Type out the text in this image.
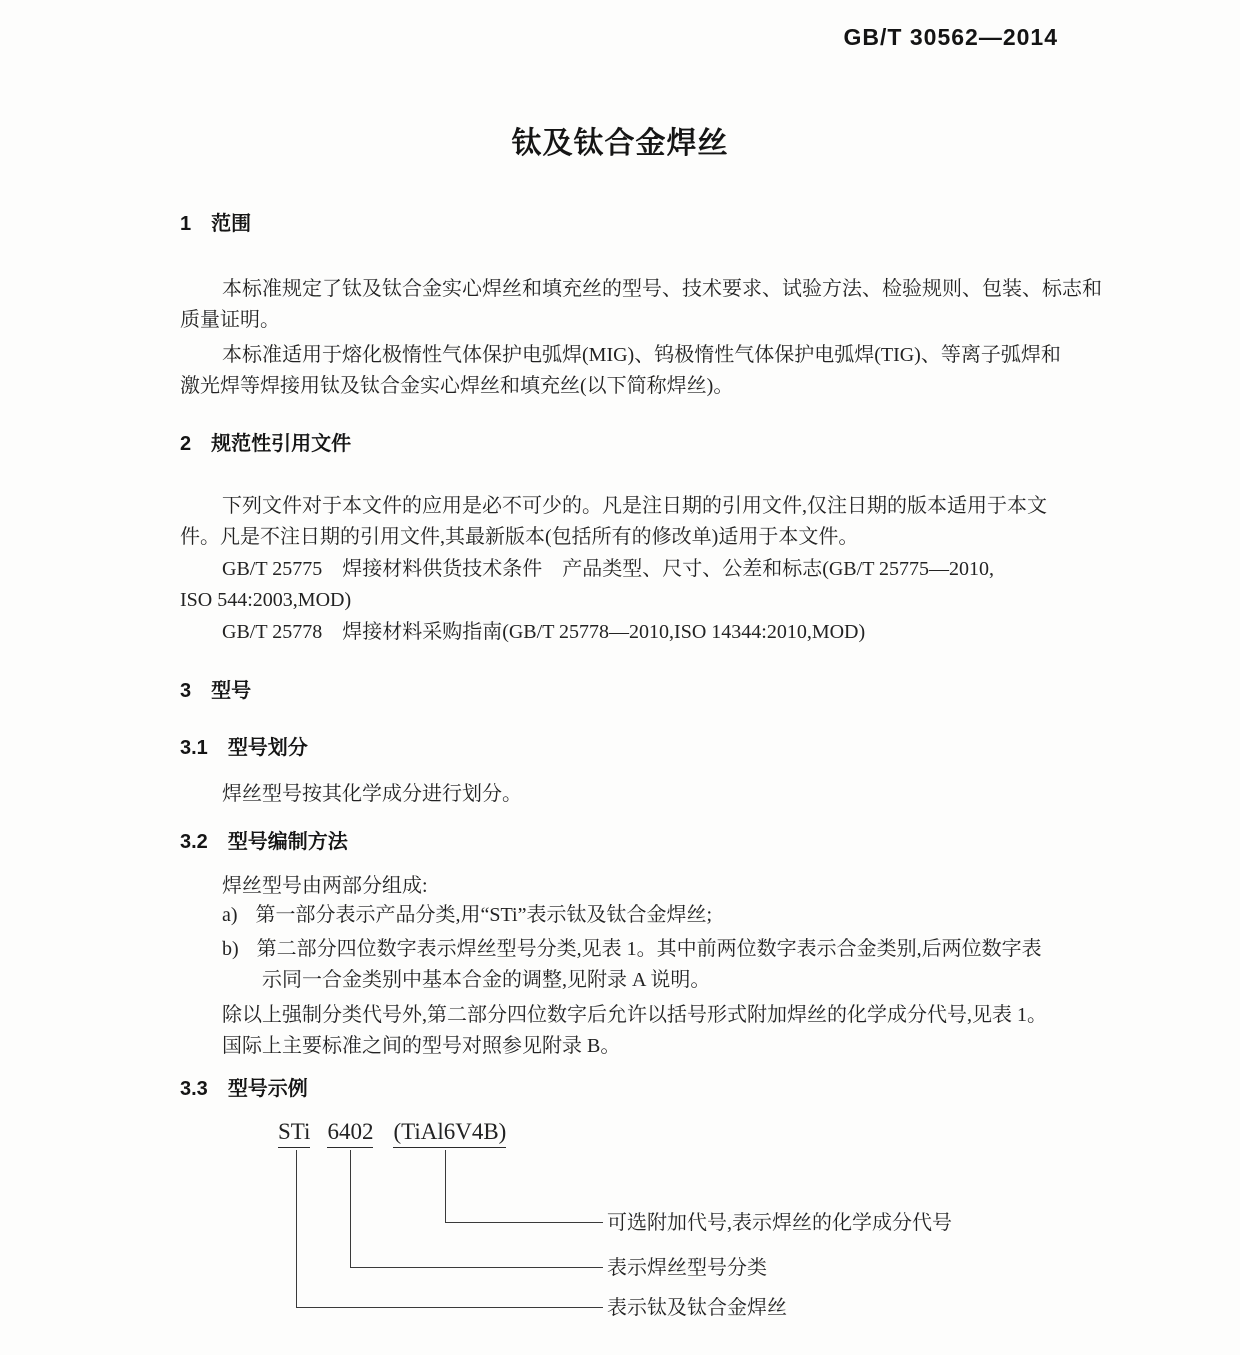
GB/T 30562—2014
钛及钛合金焊丝
1 范围
本标准规定了钛及钛合金实心焊丝和填充丝的型号、技术要求、试验方法、检验规则、包装、标志和
质量证明。
本标准适用于熔化极惰性气体保护电弧焊(MIG)、钨极惰性气体保护电弧焊(TIG)、等离子弧焊和
激光焊等焊接用钛及钛合金实心焊丝和填充丝(以下简称焊丝)。
2 规范性引用文件
下列文件对于本文件的应用是必不可少的。凡是注日期的引用文件,仅注日期的版本适用于本文
件。凡是不注日期的引用文件,其最新版本(包括所有的修改单)适用于本文件。
GB/T 25775　焊接材料供货技术条件　产品类型、尺寸、公差和标志(GB/T 25775—2010,
ISO 544:2003,MOD)
GB/T 25778　焊接材料采购指南(GB/T 25778—2010,ISO 14344:2010,MOD)
3 型号
3.1 型号划分
焊丝型号按其化学成分进行划分。
3.2 型号编制方法
焊丝型号由两部分组成:
a) 第一部分表示产品分类,用“STi”表示钛及钛合金焊丝;
b) 第二部分四位数字表示焊丝型号分类,见表 1。其中前两位数字表示合金类别,后两位数字表
示同一合金类别中基本合金的调整,见附录 A 说明。
除以上强制分类代号外,第二部分四位数字后允许以括号形式附加焊丝的化学成分代号,见表 1。
国际上主要标准之间的型号对照参见附录 B。
3.3 型号示例
STi 6402 (TiAl6V4B)
可选附加代号,表示焊丝的化学成分代号
表示焊丝型号分类
表示钛及钛合金焊丝
